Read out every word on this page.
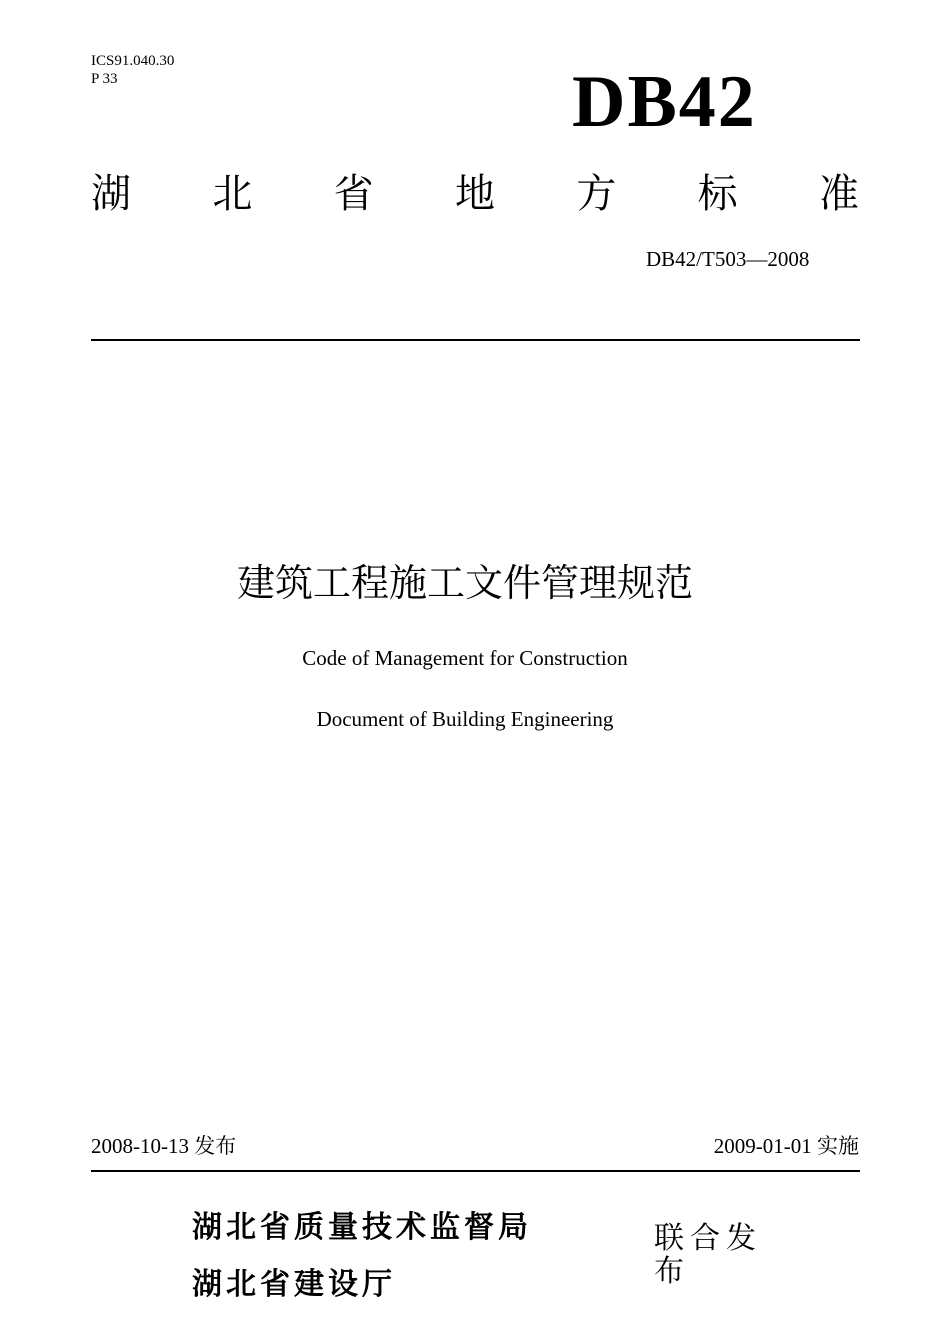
ICS91.040.30
P 33	DB42
湖 北 省 地 方 标 准
DB42/T503—2008
建筑工程施工文件管理规范
Code of Management for Construction
Document of Building Engineering
2008-10-13 发布	2009-01-01 实施
湖北省质量技术监督局
湖北省建设厅
联合发布
